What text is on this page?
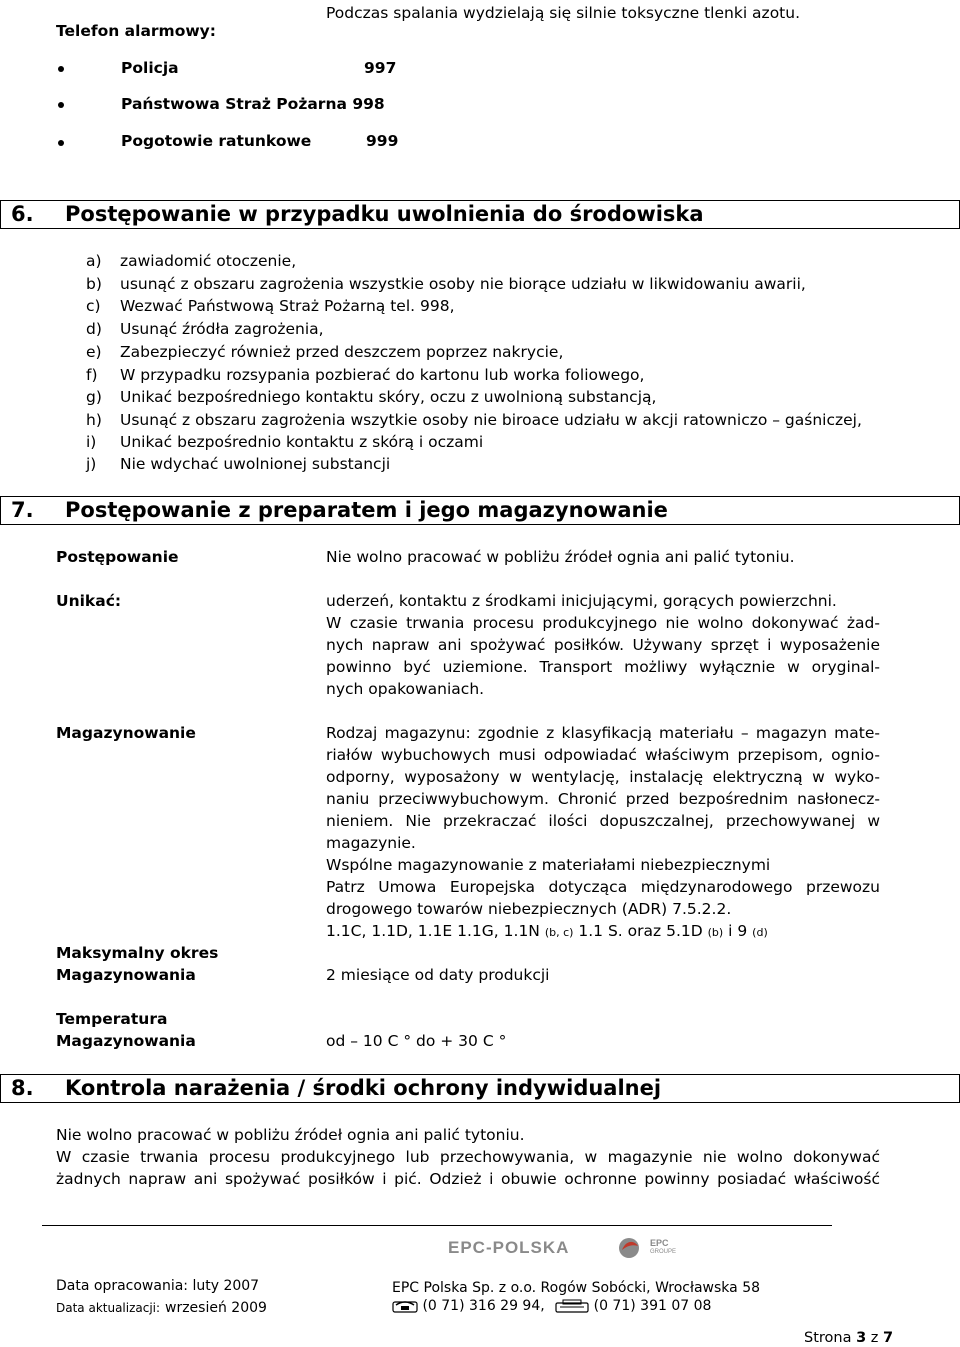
Telefon alarmowy:
Podczas spalania wydzielają się silnie toksyczne tlenki azotu.
Policja	997
Państwowa Straż Pożarna 998
Pogotowie ratunkowe	999
6. Postępowanie w przypadku uwolnienia do środowiska
a) zawiadomić otoczenie,
b) usunąć z obszaru zagrożenia wszystkie osoby nie biorące udziału w likwidowaniu awarii,
c) Wezwać Państwową Straż Pożarną tel. 998,
d) Usunąć źródła zagrożenia,
e) Zabezpieczyć również przed deszczem poprzez nakrycie,
f) W przypadku rozsypania pozbierać do kartonu lub worka foliowego,
g) Unikać bezpośredniego kontaktu skóry, oczu z uwolnioną substancją,
h) Usunąć z obszaru zagrożenia wszytkie osoby nie biroace udziału w akcji ratowniczo – gaśniczej,
i) Unikać bezpośrednio kontaktu z skórą i oczami
j) Nie wdychać uwolnionej substancji
7. Postępowanie z preparatem i jego magazynowanie
Postępowanie	Nie wolno pracować w pobliżu źródeł ognia ani palić tytoniu.
Unikać:	uderzeń, kontaktu z środkami inicjującymi, gorących powierzchni.
W czasie trwania procesu produkcyjnego nie wolno dokonywać żad-
nych napraw ani spożywać posiłków. Używany sprzęt i wyposażenie
powinno być uziemione. Transport możliwy wyłącznie w oryginal-
nych opakowaniach.
Magazynowanie	Rodzaj magazynu: zgodnie z klasyfikacją materiału – magazyn mate-
riałów wybuchowych musi odpowiadać właściwym przepisom, ognio-
odporny, wyposażony w wentylację, instalację elektryczną w wyko-
naniu przeciwwybuchowym. Chronić przed bezpośrednim nasłonecz-
nieniem. Nie przekraczać ilości dopuszczalnej, przechowywanej w
magazynie.
Wspólne magazynowanie z materiałami niebezpiecznymi
Patrz Umowa Europejska dotycząca międzynarodowego przewozu
drogowego towarów niebezpiecznych (ADR) 7.5.2.2.
1.1C, 1.1D, 1.1E 1.1G, 1.1N (b, c) 1.1 S. oraz 5.1D (b) i 9 (d)
Maksymalny okres
Magazynowania	2 miesiące od daty produkcji
Temperatura
Magazynowania	od – 10 C ° do + 30 C °
8. Kontrola narażenia / środki ochrony indywidualnej
Nie wolno pracować w pobliżu źródeł ognia ani palić tytoniu.
W czasie trwania procesu produkcyjnego lub przechowywania, w magazynie nie wolno dokonywać
żadnych napraw ani spożywać posiłków i pić. Odzież i obuwie ochronne powinny posiadać właściwość
EPC-POLSKA	EPC
GROUPE
Data opracowania: luty 2007
Data aktualizacji: wrzesień 2009
EPC Polska Sp. z o.o. Rogów Sobócki, Wrocławska 58
(0 71) 316 29 94,	(0 71) 391 07 08
Strona 3 z 7
